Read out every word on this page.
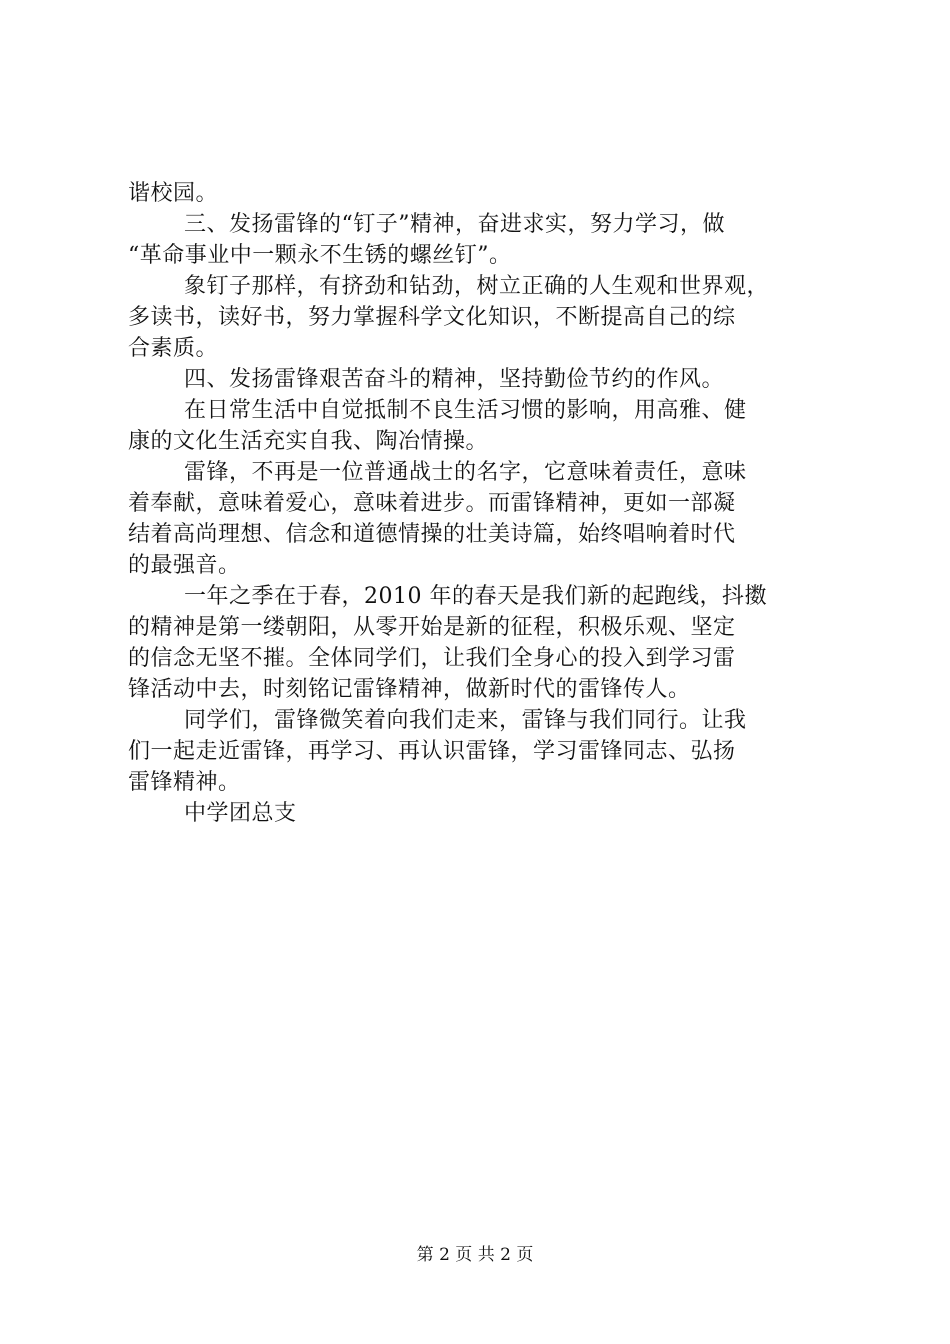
谐校园。
三、发扬雷锋的“钉子”精神，奋进求实，努力学习，做
“革命事业中一颗永不生锈的螺丝钉”。
象钉子那样，有挤劲和钻劲，树立正确的人生观和世界观，
多读书，读好书，努力掌握科学文化知识，不断提高自己的综
合素质。
四、发扬雷锋艰苦奋斗的精神，坚持勤俭节约的作风。
在日常生活中自觉抵制不良生活习惯的影响，用高雅、健
康的文化生活充实自我、陶冶情操。
雷锋，不再是一位普通战士的名字，它意味着责任，意味
着奉献，意味着爱心，意味着进步。而雷锋精神，更如一部凝
结着高尚理想、信念和道德情操的壮美诗篇，始终唱响着时代
的最强音。
一年之季在于春，2010 年的春天是我们新的起跑线，抖擞
的精神是第一缕朝阳，从零开始是新的征程，积极乐观、坚定
的信念无坚不摧。全体同学们，让我们全身心的投入到学习雷
锋活动中去，时刻铭记雷锋精神，做新时代的雷锋传人。
同学们，雷锋微笑着向我们走来，雷锋与我们同行。让我
们一起走近雷锋，再学习、再认识雷锋，学习雷锋同志、弘扬
雷锋精神。
中学团总支
第 2 页 共 2 页
